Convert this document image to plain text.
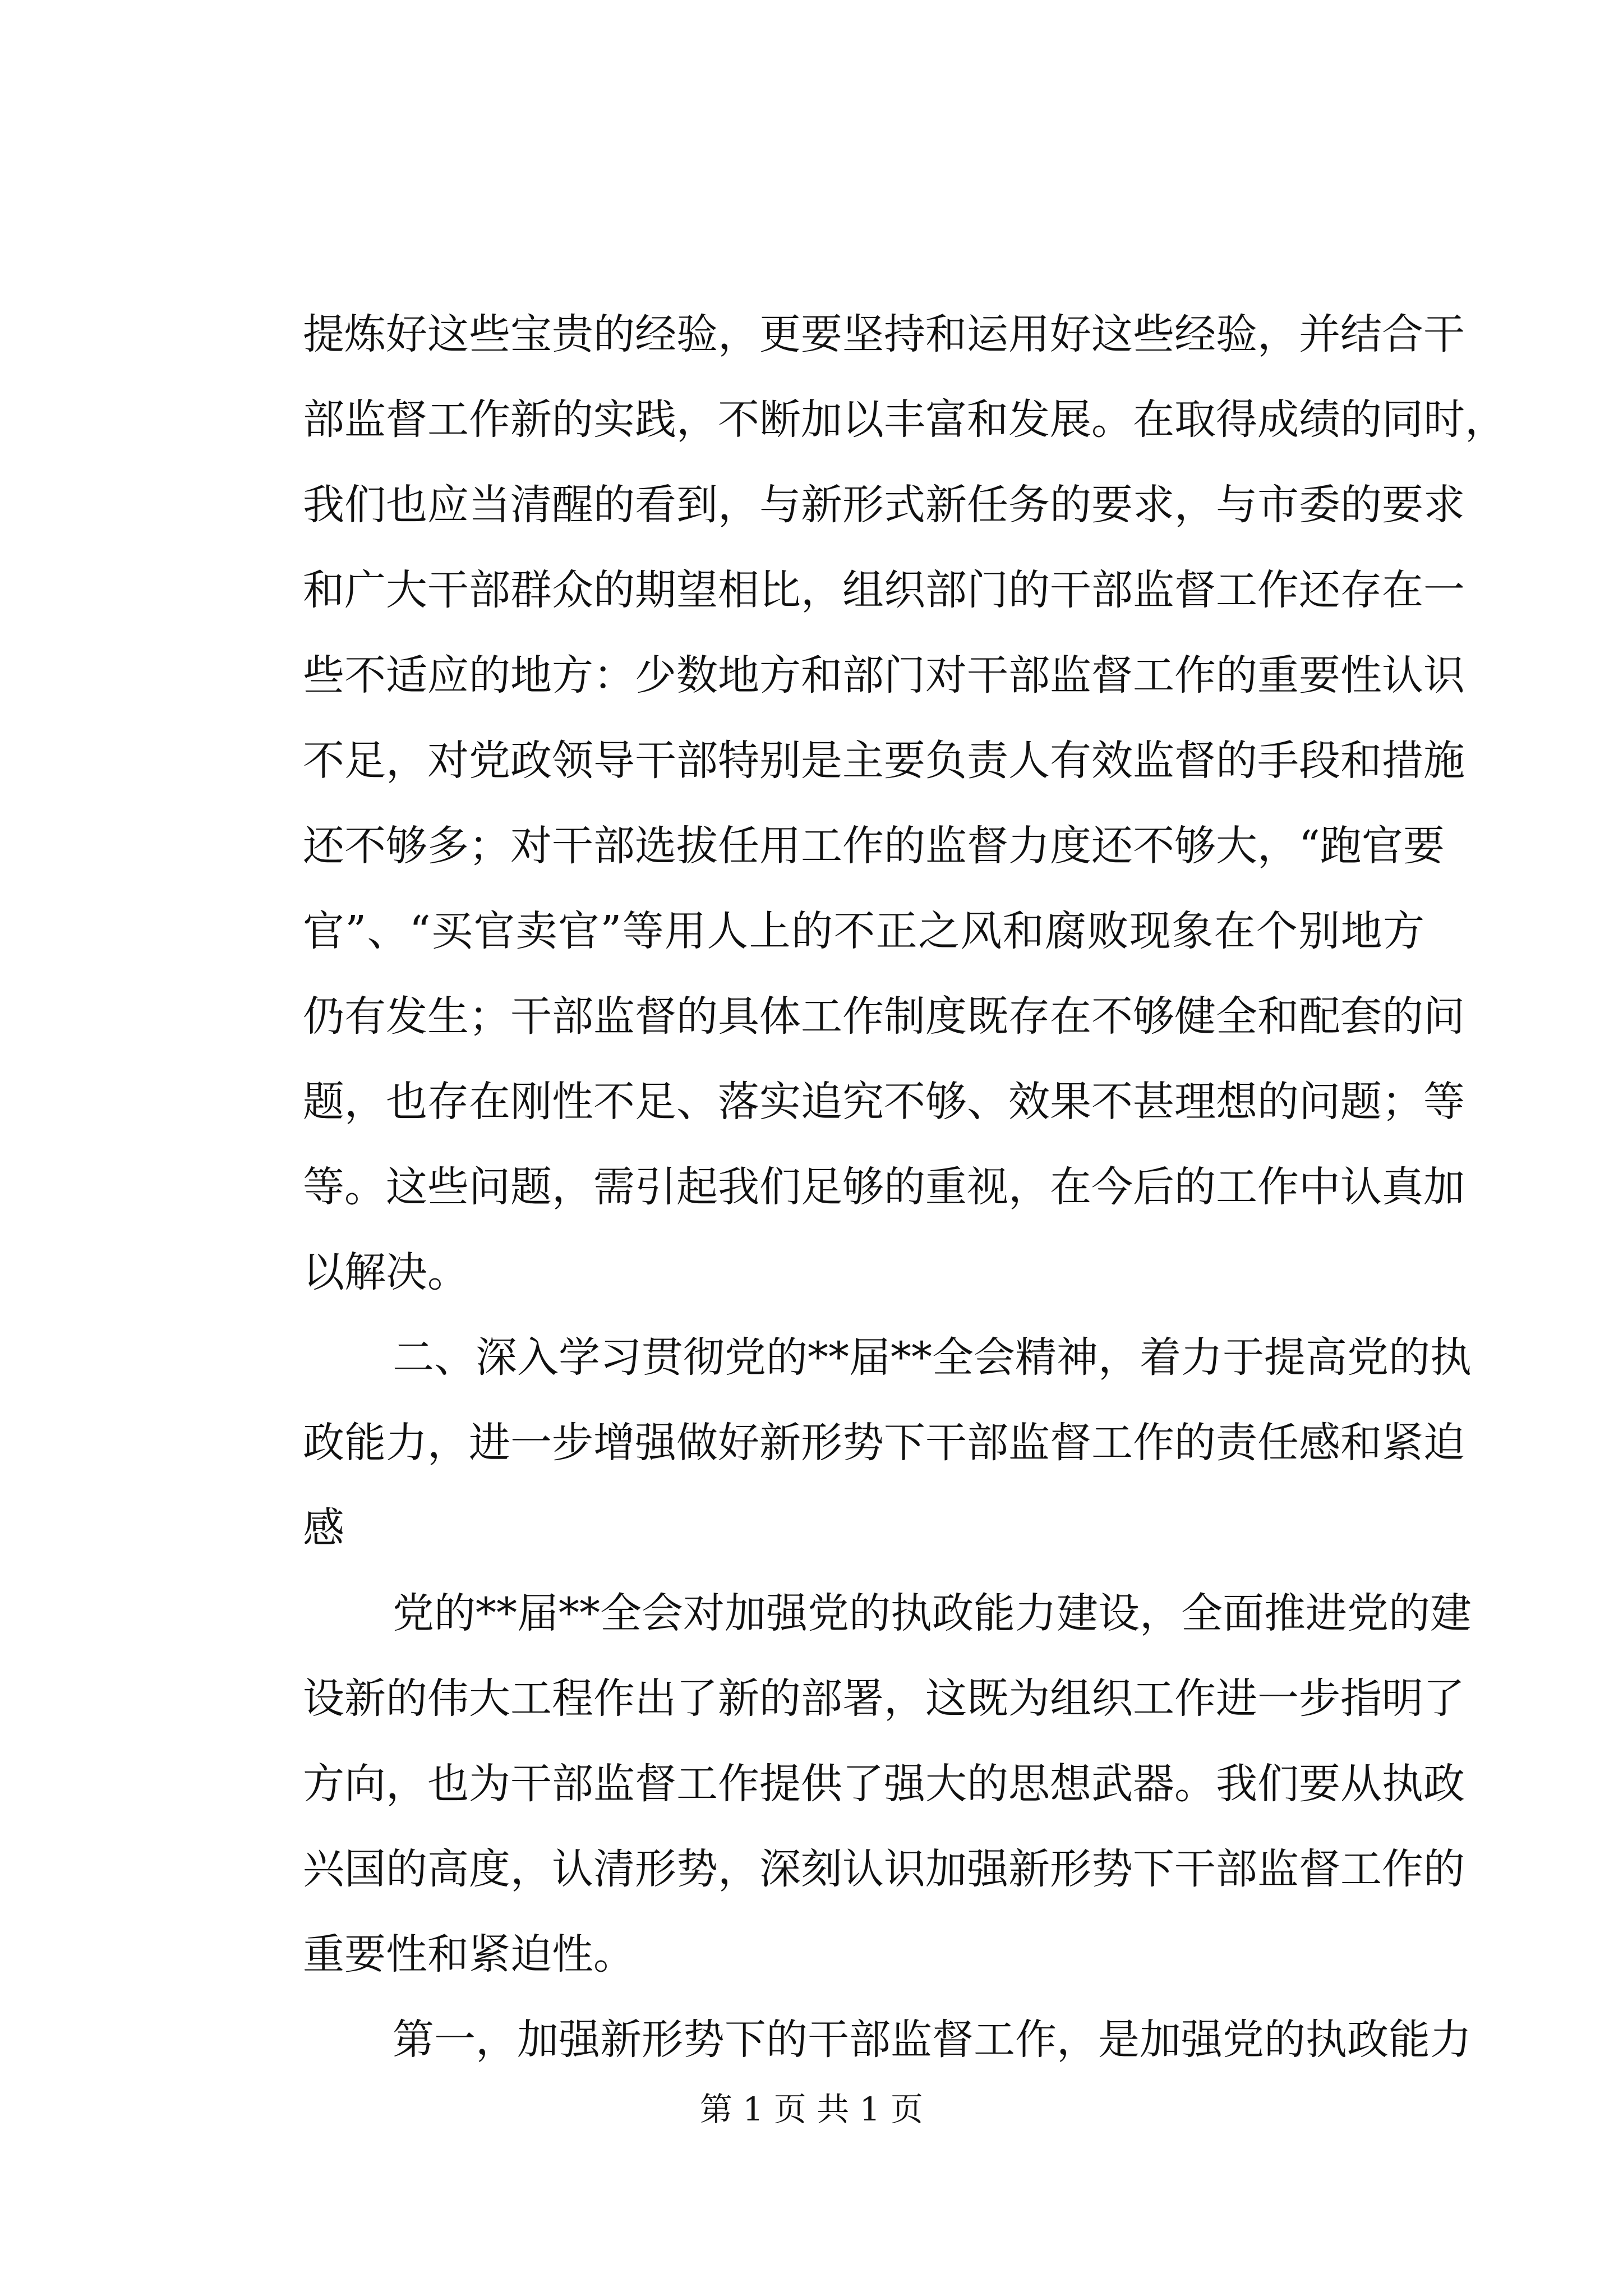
提炼好这些宝贵的经验，更要坚持和运用好这些经验，并结合干
部监督工作新的实践，不断加以丰富和发展。在取得成绩的同时，
我们也应当清醒的看到，与新形式新任务的要求，与市委的要求
和广大干部群众的期望相比，组织部门的干部监督工作还存在一
些不适应的地方：少数地方和部门对干部监督工作的重要性认识
不足，对党政领导干部特别是主要负责人有效监督的手段和措施
还不够多；对干部选拔任用工作的监督力度还不够大，“跑官要
官”、“买官卖官”等用人上的不正之风和腐败现象在个别地方
仍有发生；干部监督的具体工作制度既存在不够健全和配套的问
题，也存在刚性不足、落实追究不够、效果不甚理想的问题；等
等。这些问题，需引起我们足够的重视，在今后的工作中认真加
以解决。
二、深入学习贯彻党的**届**全会精神，着力于提高党的执
政能力，进一步增强做好新形势下干部监督工作的责任感和紧迫
感
党的**届**全会对加强党的执政能力建设，全面推进党的建
设新的伟大工程作出了新的部署，这既为组织工作进一步指明了
方向，也为干部监督工作提供了强大的思想武器。我们要从执政
兴国的高度，认清形势，深刻认识加强新形势下干部监督工作的
重要性和紧迫性。
第一，加强新形势下的干部监督工作，是加强党的执政能力
第 1 页 共 1 页
